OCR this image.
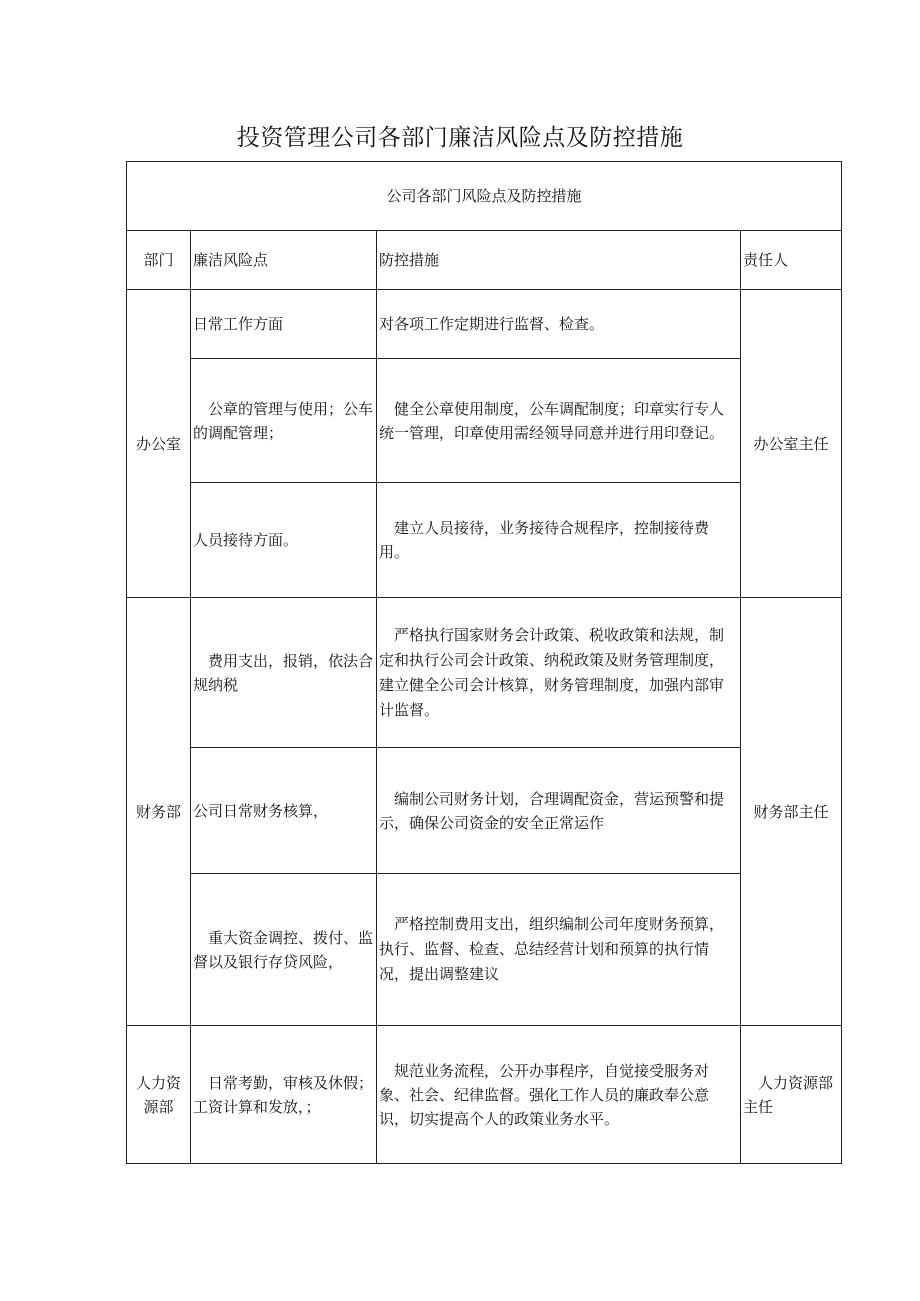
投资管理公司各部门廉洁风险点及防控措施
公司各部门风险点及防控措施			
部门	廉洁风险点	防控措施	责任人
办公室	日常工作方面	对各项工作定期进行监督、检查。	办公室主任
	公章的管理与使用；公车的调配管理；	健全公章使用制度，公车调配制度；印章实行专人统一管理，印章使用需经领导同意并进行用印登记。	
	人员接待方面。	建立人员接待，业务接待合规程序，控制接待费用。	
财务部	费用支出，报销，依法合规纳税	严格执行国家财务会计政策、税收政策和法规，制定和执行公司会计政策、纳税政策及财务管理制度，建立健全公司会计核算，财务管理制度，加强内部审计监督。	财务部主任
	公司日常财务核算，	编制公司财务计划，合理调配资金，营运预警和提示，确保公司资金的安全正常运作	
	重大资金调控、拨付、监督以及银行存贷风险，	严格控制费用支出，组织编制公司年度财务预算，执行、监督、检查、总结经营计划和预算的执行情况，提出调整建议	
人力资源部	日常考勤，审核及休假；工资计算和发放，；	规范业务流程，公开办事程序，自觉接受服务对象、社会、纪律监督。强化工作人员的廉政奉公意识，切实提高个人的政策业务水平。	人力资源部主任
